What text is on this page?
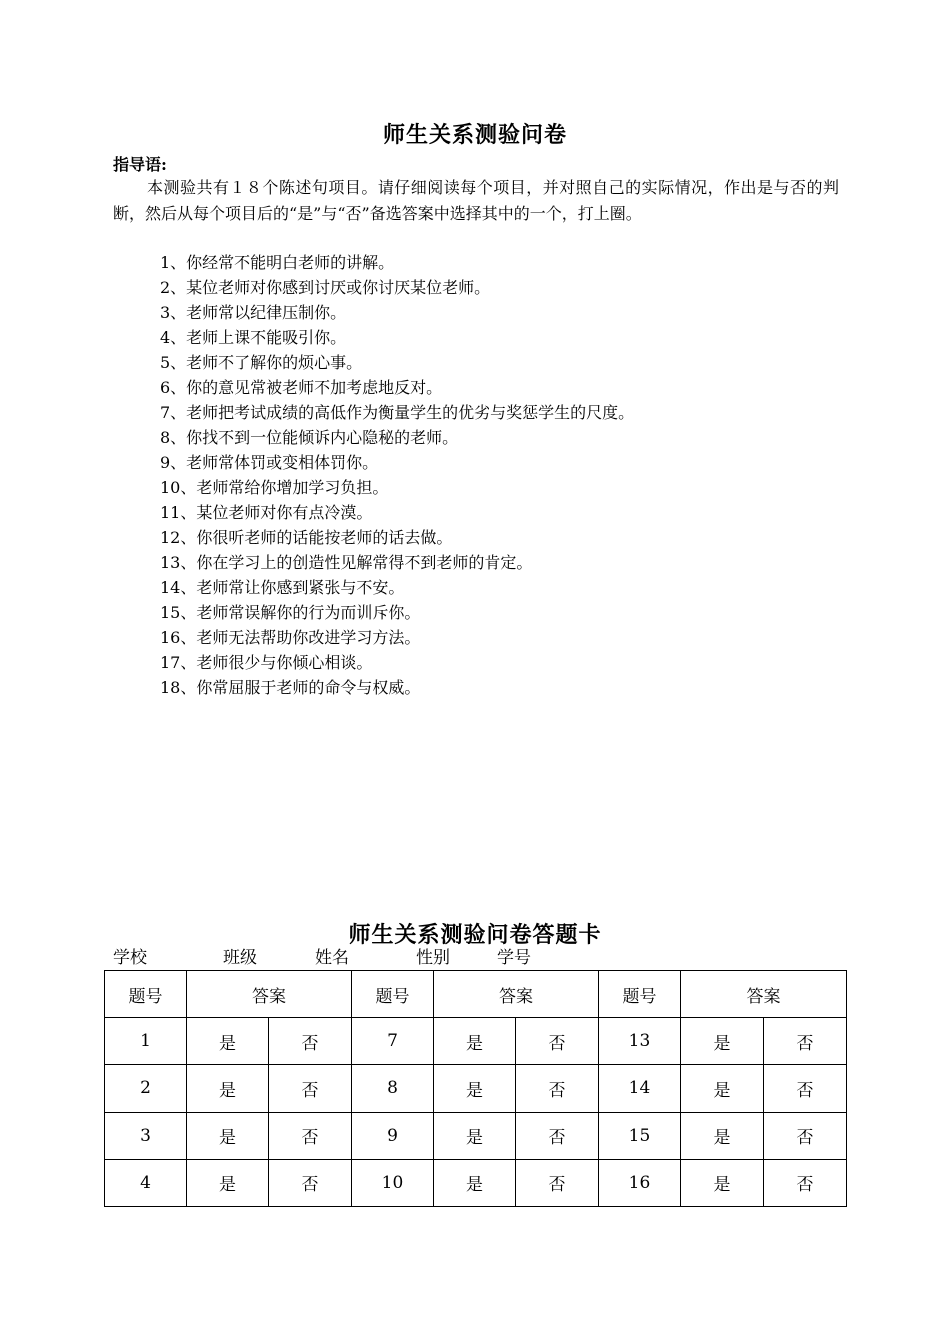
师生关系测验问卷
指导语:
本测验共有１８个陈述句项目。请仔细阅读每个项目，并对照自己的实际情况，作出是与否的判断，然后从每个项目后的“是”与“否”备选答案中选择其中的一个，打上圈。
1、你经常不能明白老师的讲解。
2、某位老师对你感到讨厌或你讨厌某位老师。
3、老师常以纪律压制你。
4、老师上课不能吸引你。
5、老师不了解你的烦心事。
6、你的意见常被老师不加考虑地反对。
7、老师把考试成绩的高低作为衡量学生的优劣与奖惩学生的尺度。
8、你找不到一位能倾诉内心隐秘的老师。
9、老师常体罚或变相体罚你。
10、老师常给你增加学习负担。
11、某位老师对你有点冷漠。
12、你很听老师的话能按老师的话去做。
13、你在学习上的创造性见解常得不到老师的肯定。
14、老师常让你感到紧张与不安。
15、老师常误解你的行为而训斥你。
16、老师无法帮助你改进学习方法。
17、老师很少与你倾心相谈。
18、你常屈服于老师的命令与权威。
师生关系测验问卷答题卡
学校	班级	姓名	性别	学号
题号	答案		题号	答案		题号	答案	
1	是	否	7	是	否	13	是	否
2	是	否	8	是	否	14	是	否
3	是	否	9	是	否	15	是	否
4	是	否	10	是	否	16	是	否
